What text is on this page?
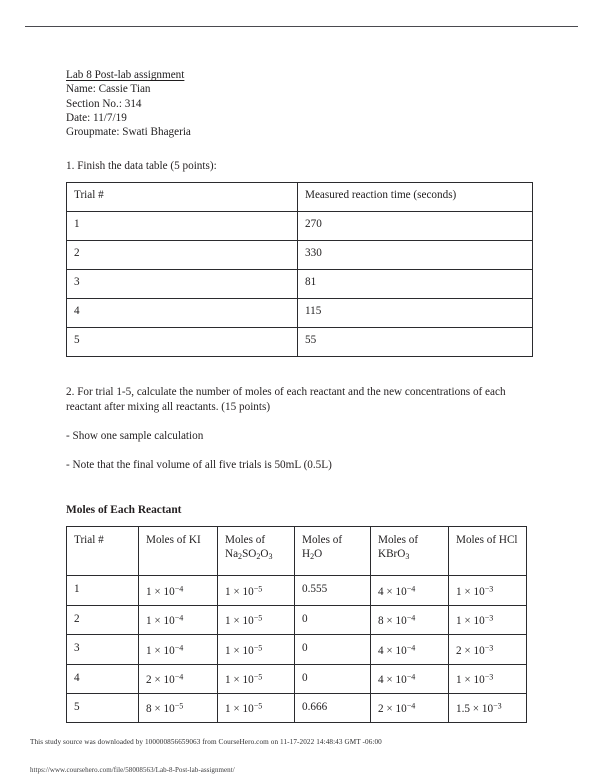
Lab 8 Post-lab assignment
Name: Cassie Tian
Section No.: 314
Date: 11/7/19
Groupmate: Swati Bhageria
1. Finish the data table (5 points):
Trial #	Measured reaction time (seconds)
1	270
2	330
3	81
4	115
5	55

2. For trial 1-5, calculate the number of moles of each reactant and the new concentrations of each reactant after mixing all reactants. (15 points)

- Show one sample calculation

- Note that the final volume of all five trials is 50mL (0.5L)

Moles of Each Reactant
Trial #	Moles of KI	Moles of $Na_2SO_2O_3$	Moles of $H_2O$	Moles of KBrO$_3$	Moles of HCl
1	$1 \times 10^{-4}$	$1 \times 10^{-5}$	0.555	$4 \times 10^{-4}$	$1 \times 10^{-3}$
2	$1 \times 10^{-4}$	$1 \times 10^{-5}$	0	$8 \times 10^{-4}$	$1 \times 10^{-3}$
3	$1 \times 10^{-4}$	$1 \times 10^{-5}$	0	$4 \times 10^{-4}$	$2 \times 10^{-3}$
4	$2 \times 10^{-4}$	$1 \times 10^{-5}$	0	$4 \times 10^{-4}$	$1 \times 10^{-3}$
5	$8 \times 10^{-5}$	$1 \times 10^{-5}$	0.666	$2 \times 10^{-4}$	$1.5 \times 10^{-3}$
This study source was downloaded by 100000856659063 from CourseHero.com on 11-17-2022 14:48:43 GMT -06:00
https://www.coursehero.com/file/58008563/Lab-8-Post-lab-assignment/
